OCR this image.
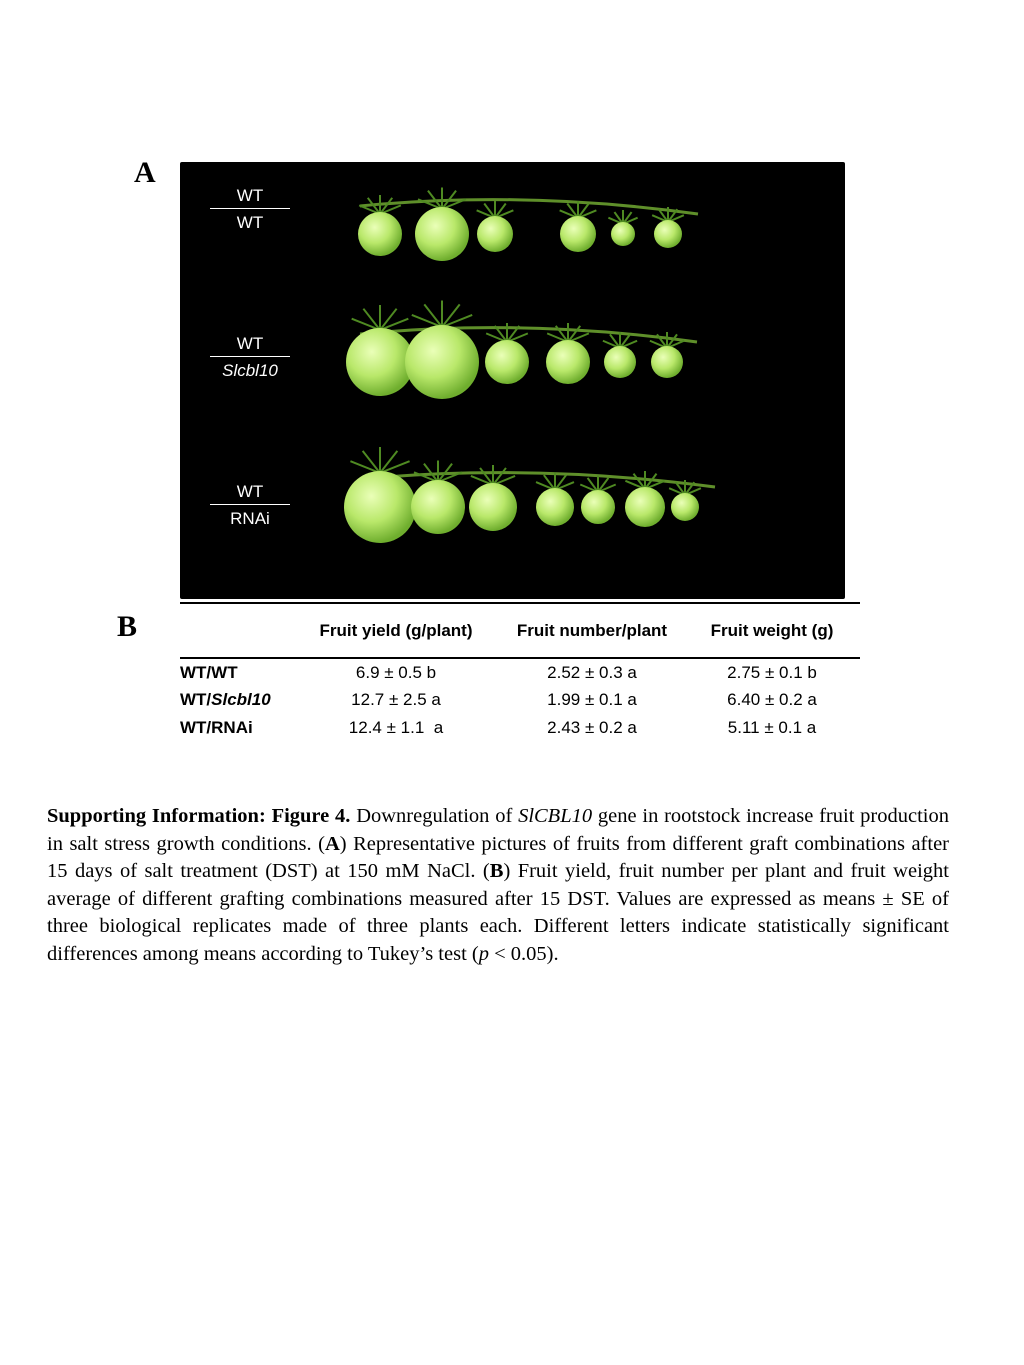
A
WT
WT
WT
Slcbl10
WT
RNAi
B	Fruit yield (g/plant)	Fruit number/plant	Fruit weight (g)
WT/WT	6.9 ± 0.5 b	2.52 ± 0.3 a	2.75 ± 0.1 b
WT/Slcbl10	12.7 ± 2.5 a	1.99 ± 0.1 a	6.40 ± 0.2 a
WT/RNAi	12.4 ± 1.1  a	2.43 ± 0.2 a	5.11 ± 0.1 a
Supporting Information: Figure 4. Downregulation of SlCBL10 gene in rootstock increase fruit production in salt stress growth conditions. (A) Representative pictures of fruits from different graft combinations after 15 days of salt treatment (DST) at 150 mM NaCl. (B) Fruit yield, fruit number per plant and fruit weight average of different grafting combinations measured after 15 DST. Values are expressed as means ± SE of three biological replicates made of three plants each. Different letters indicate statistically significant differences among means according to Tukey’s test (p < 0.05).
